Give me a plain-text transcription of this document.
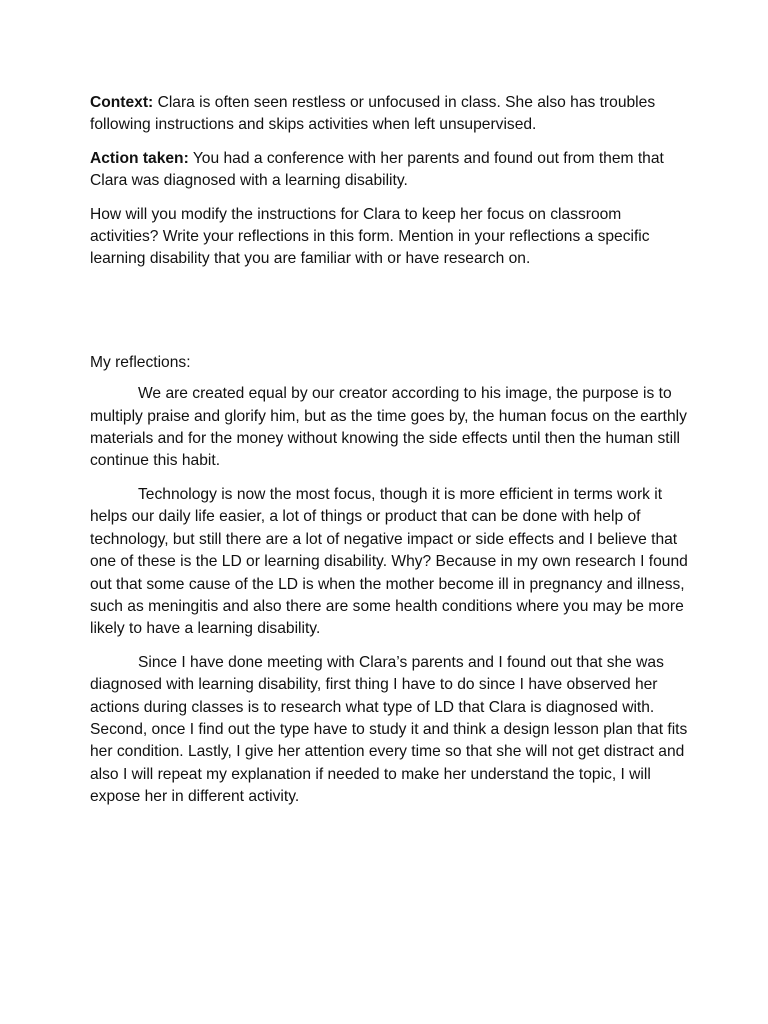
Context: Clara is often seen restless or unfocused in class. She also has troubles following instructions and skips activities when left unsupervised.

Action taken: You had a conference with her parents and found out from them that Clara was diagnosed with a learning disability.

How will you modify the instructions for Clara to keep her focus on classroom activities? Write your reflections in this form. Mention in your reflections a specific learning disability that you are familiar with or have research on.

My reflections:

We are created equal by our creator according to his image, the purpose is to multiply praise and glorify him, but as the time goes by, the human focus on the earthly materials and for the money without knowing the side effects until then the human still continue this habit.

Technology is now the most focus, though it is more efficient in terms work it helps our daily life easier, a lot of things or product that can be done with help of technology, but still there are a lot of negative impact or side effects and I believe that one of these is the LD or learning disability. Why? Because in my own research I found out that some cause of the LD is when the mother become ill in pregnancy and illness, such as meningitis and also there are some health conditions where you may be more likely to have a learning disability.

Since I have done meeting with Clara’s parents and I found out that she was diagnosed with learning disability, first thing I have to do since I have observed her actions during classes is to research what type of LD that Clara is diagnosed with. Second, once I find out the type have to study it and think a design lesson plan that fits her condition. Lastly, I give her attention every time so that she will not get distract and also I will repeat my explanation if needed to make her understand the topic, I will expose her in different activity.
